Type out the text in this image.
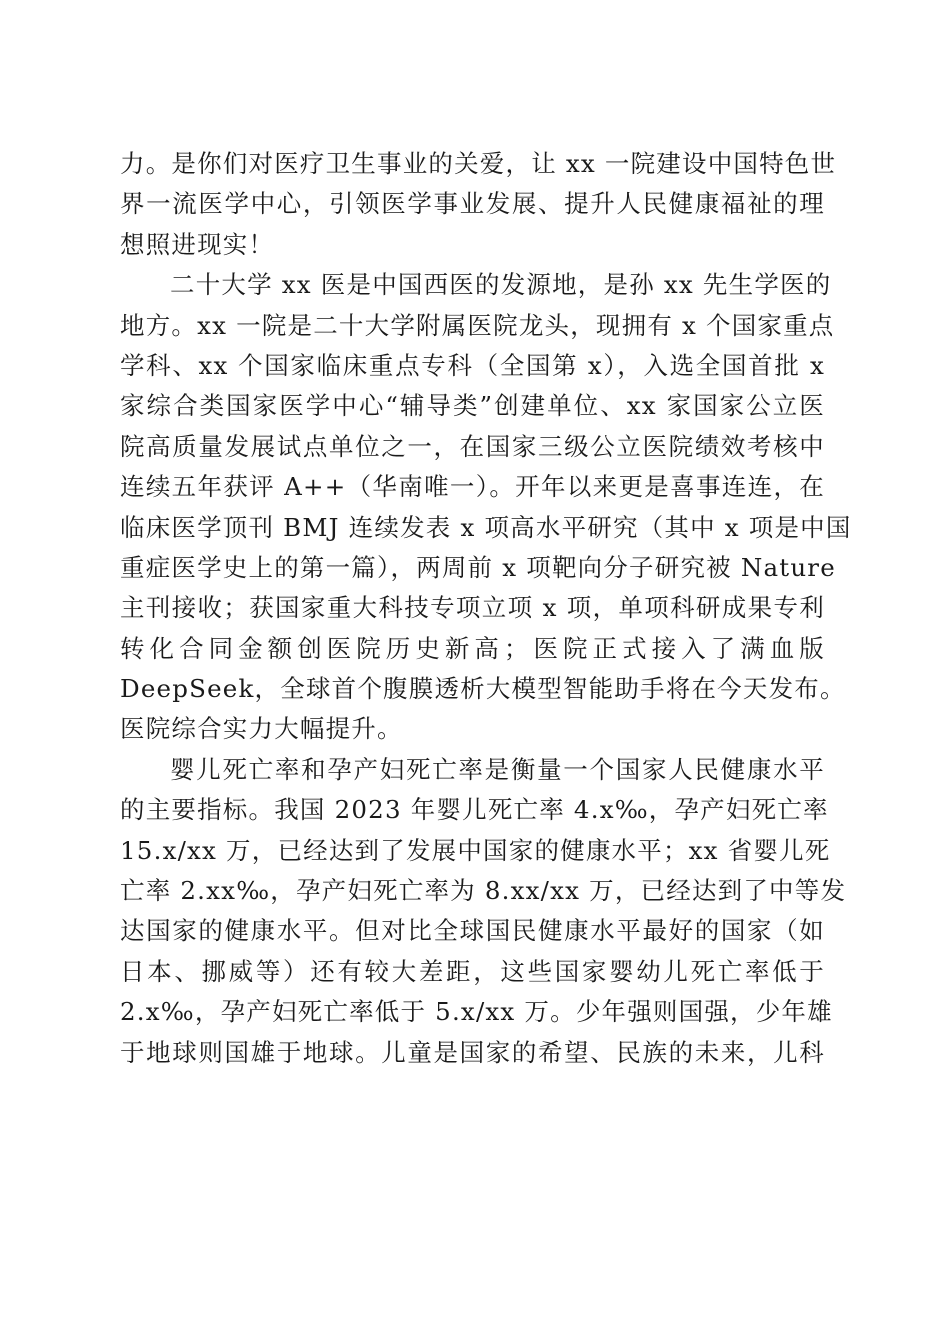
力。是你们对医疗卫生事业的关爱，让 xx 一院建设中国特色世
界一流医学中心，引领医学事业发展、提升人民健康福祉的理
想照进现实！
二十大学 xx 医是中国西医的发源地，是孙 xx 先生学医的
地方。xx 一院是二十大学附属医院龙头，现拥有 x 个国家重点
学科、xx 个国家临床重点专科（全国第 x），入选全国首批 x
家综合类国家医学中心“辅导类”创建单位、xx 家国家公立医
院高质量发展试点单位之一，在国家三级公立医院绩效考核中
连续五年获评 A++（华南唯一）。开年以来更是喜事连连，在
临床医学顶刊 BMJ 连续发表 x 项高水平研究（其中 x 项是中国
重症医学史上的第一篇），两周前 x 项靶向分子研究被 Nature
主刊接收；获国家重大科技专项立项 x 项，单项科研成果专利
转化合同金额创医院历史新高；医院正式接入了满血版
DeepSeek，全球首个腹膜透析大模型智能助手将在今天发布。
医院综合实力大幅提升。
婴儿死亡率和孕产妇死亡率是衡量一个国家人民健康水平
的主要指标。我国 2023 年婴儿死亡率 4.x‰，孕产妇死亡率
15.x/xx 万，已经达到了发展中国家的健康水平；xx 省婴儿死
亡率 2.xx‰，孕产妇死亡率为 8.xx/xx 万，已经达到了中等发
达国家的健康水平。但对比全球国民健康水平最好的国家（如
日本、挪威等）还有较大差距，这些国家婴幼儿死亡率低于
2.x‰，孕产妇死亡率低于 5.x/xx 万。少年强则国强，少年雄
于地球则国雄于地球。儿童是国家的希望、民族的未来，儿科
